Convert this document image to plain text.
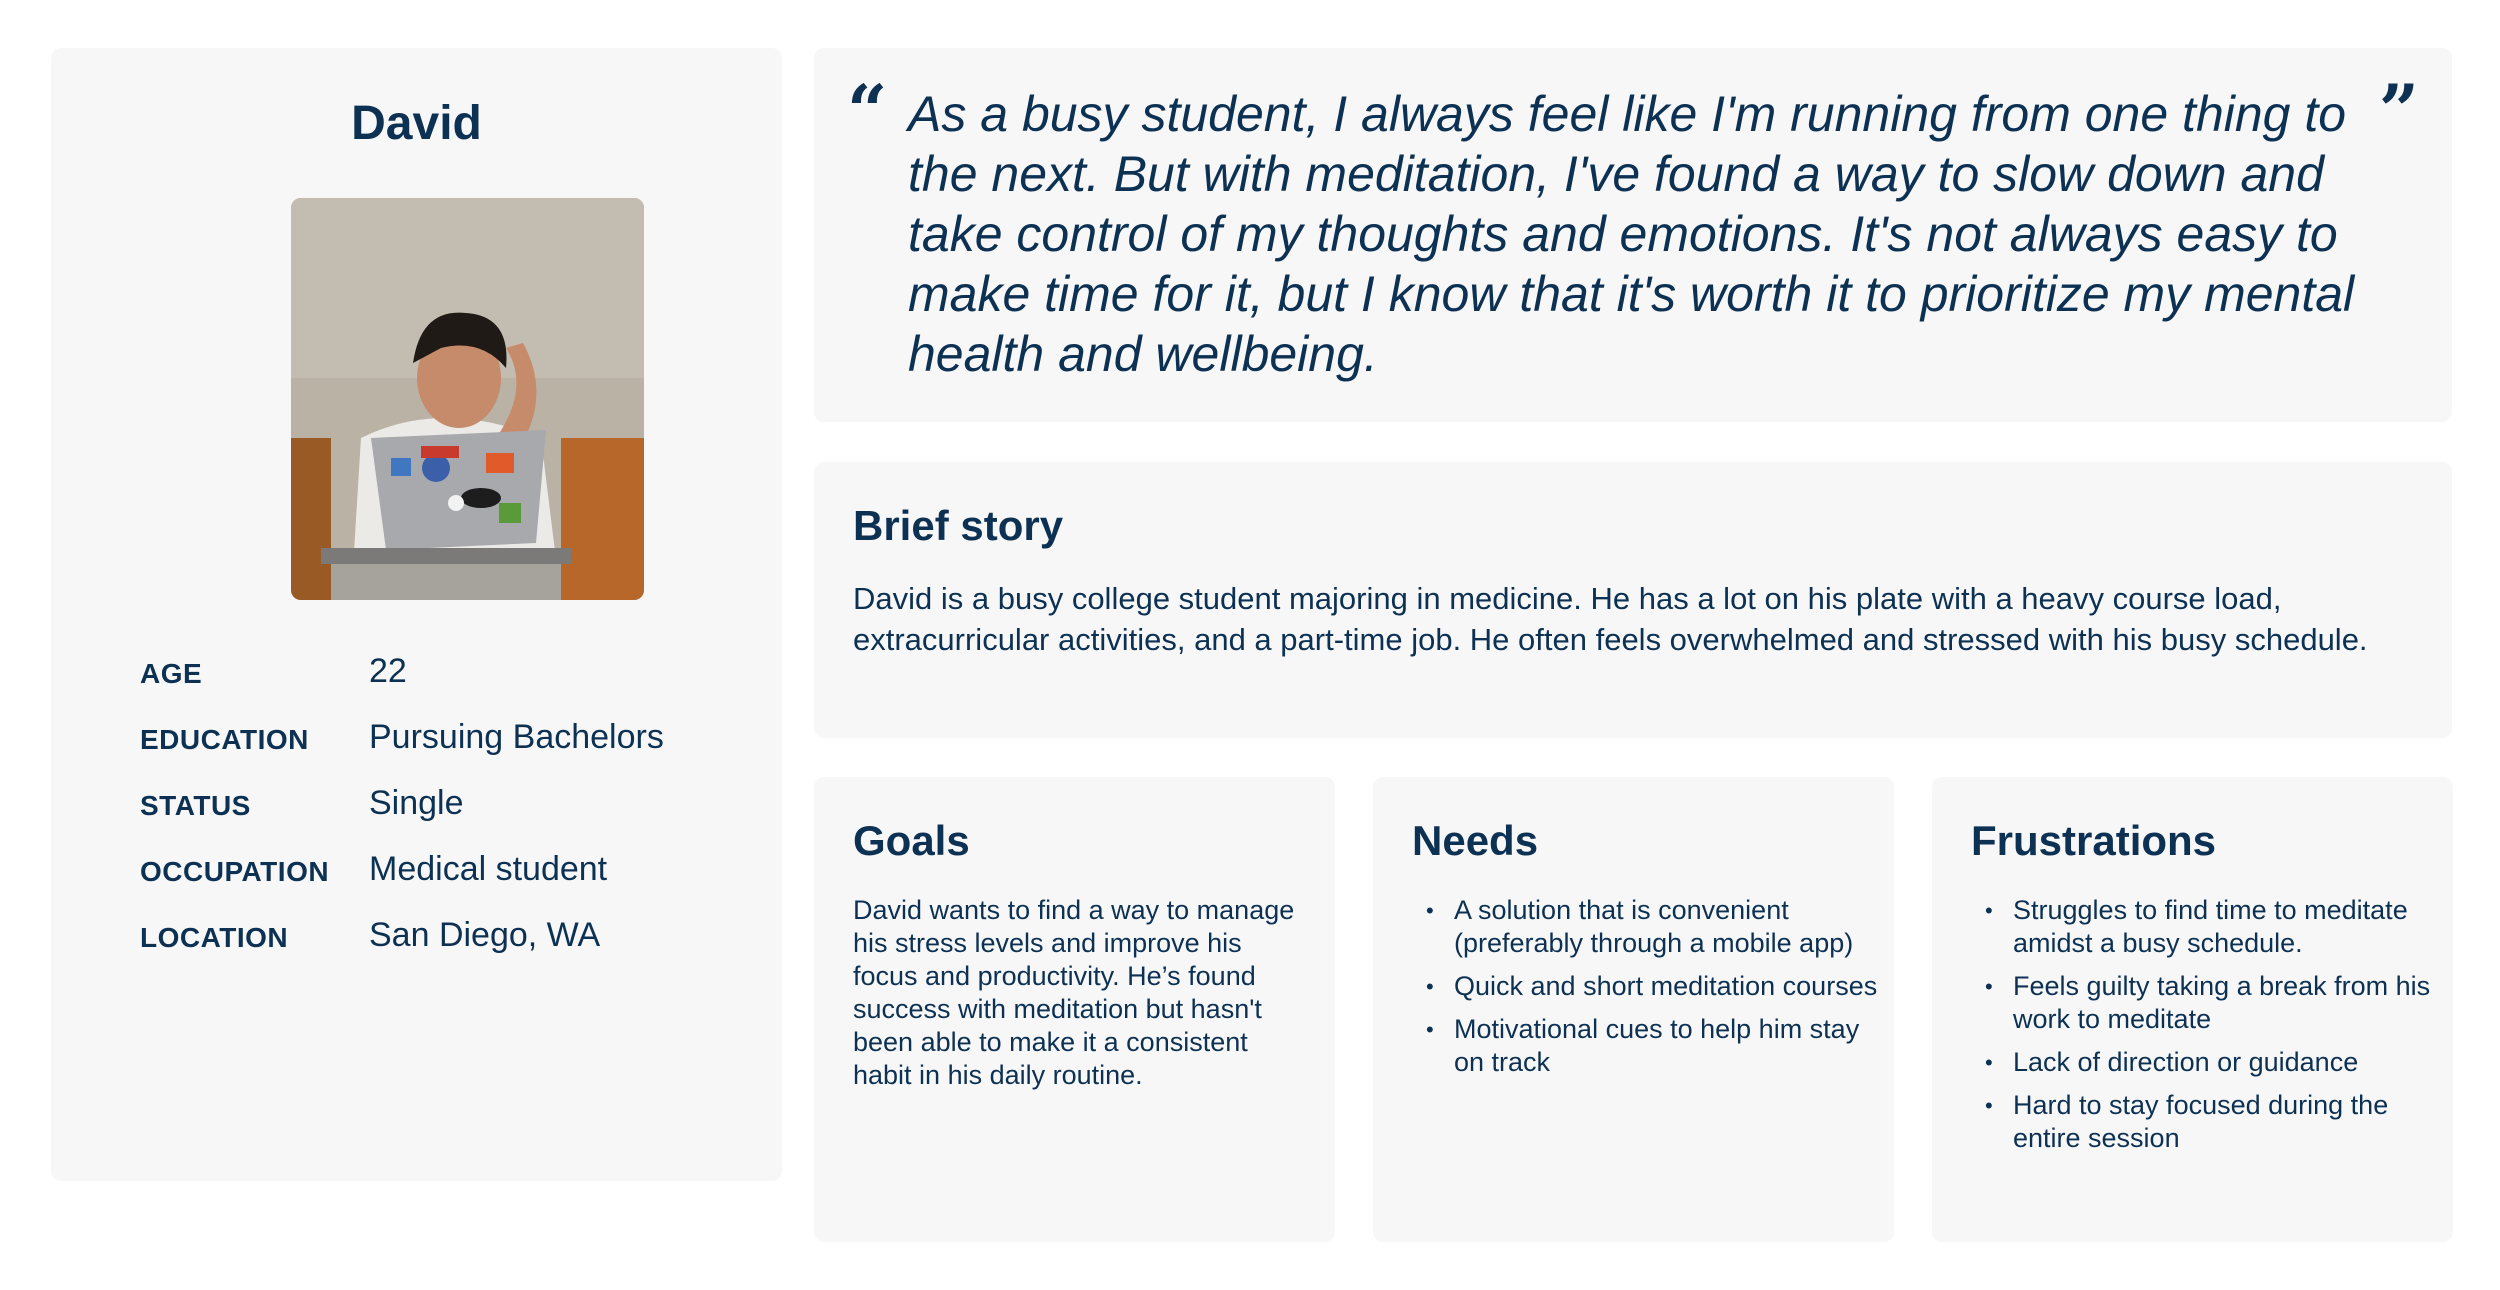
David
AGE	22
EDUCATION Pursuing Bachelors
STATUS	Single
OCCUPATION Medical student
LOCATION San Diego, WA
“ As a busy student, I always feel like I'm running from one thing to the next. But with meditation, I've found a way to slow down and take control of my thoughts and emotions. It's not always easy to make time for it, but I know that it's worth it to prioritize my mental health and wellbeing.

”
Brief story

David is a busy college student majoring in medicine. He has a lot on his plate with a heavy course load, extracurricular activities, and a part-time job. He often feels overwhelmed and stressed with his busy schedule.

Goals

David wants to find a way to manage his stress levels and improve his focus and productivity. He’s found success with meditation but hasn't been able to make it a consistent habit in his daily routine.

Needs
• A solution that is convenient (preferably through a mobile app)
• Quick and short meditation courses
• Motivational cues to help him stay on track
Frustrations
• Struggles to find time to meditate amidst a busy schedule.
• Feels guilty taking a break from his work to meditate
• Lack of direction or guidance
• Hard to stay focused during the entire session
